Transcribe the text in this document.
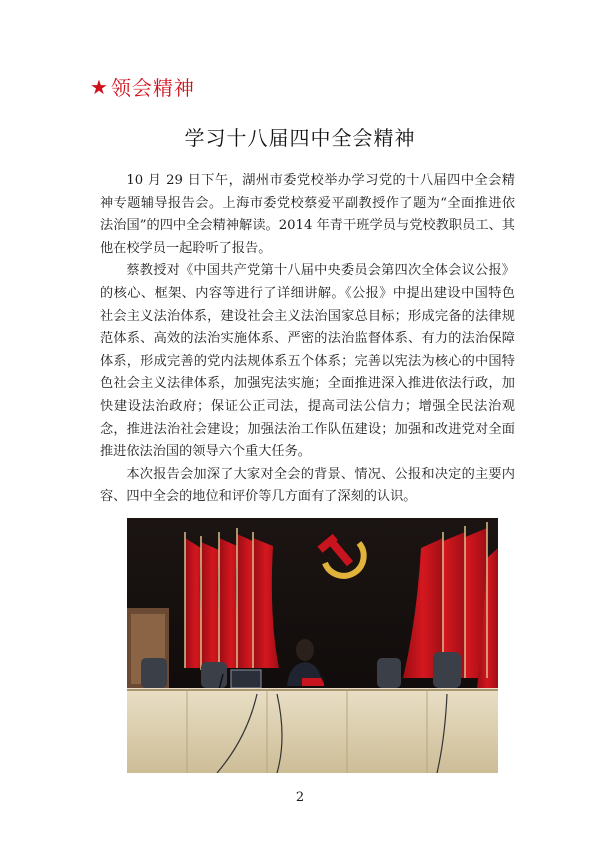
★ 领会精神
学习十八届四中全会精神

10 月 29 日下午，湖州市委党校举办学习党的十八届四中全会精神专题辅导报告会。上海市委党校蔡爱平副教授作了题为“全面推进依法治国”的四中全会精神解读。2014 年青干班学员与党校教职员工、其他在校学员一起聆听了报告。

蔡教授对《中国共产党第十八届中央委员会第四次全体会议公报》的核心、框架、内容等进行了详细讲解。《公报》中提出建设中国特色社会主义法治体系，建设社会主义法治国家总目标；形成完备的法律规范体系、高效的法治实施体系、严密的法治监督体系、有力的法治保障体系，形成完善的党内法规体系五个体系；完善以宪法为核心的中国特色社会主义法律体系，加强宪法实施；全面推进深入推进依法行政，加快建设法治政府；保证公正司法，提高司法公信力；增强全民法治观念，推进法治社会建设；加强法治工作队伍建设；加强和改进党对全面推进依法治国的领导六个重大任务。

本次报告会加深了大家对全会的背景、情况、公报和决定的主要内容、四中全会的地位和评价等几方面有了深刻的认识。

2
